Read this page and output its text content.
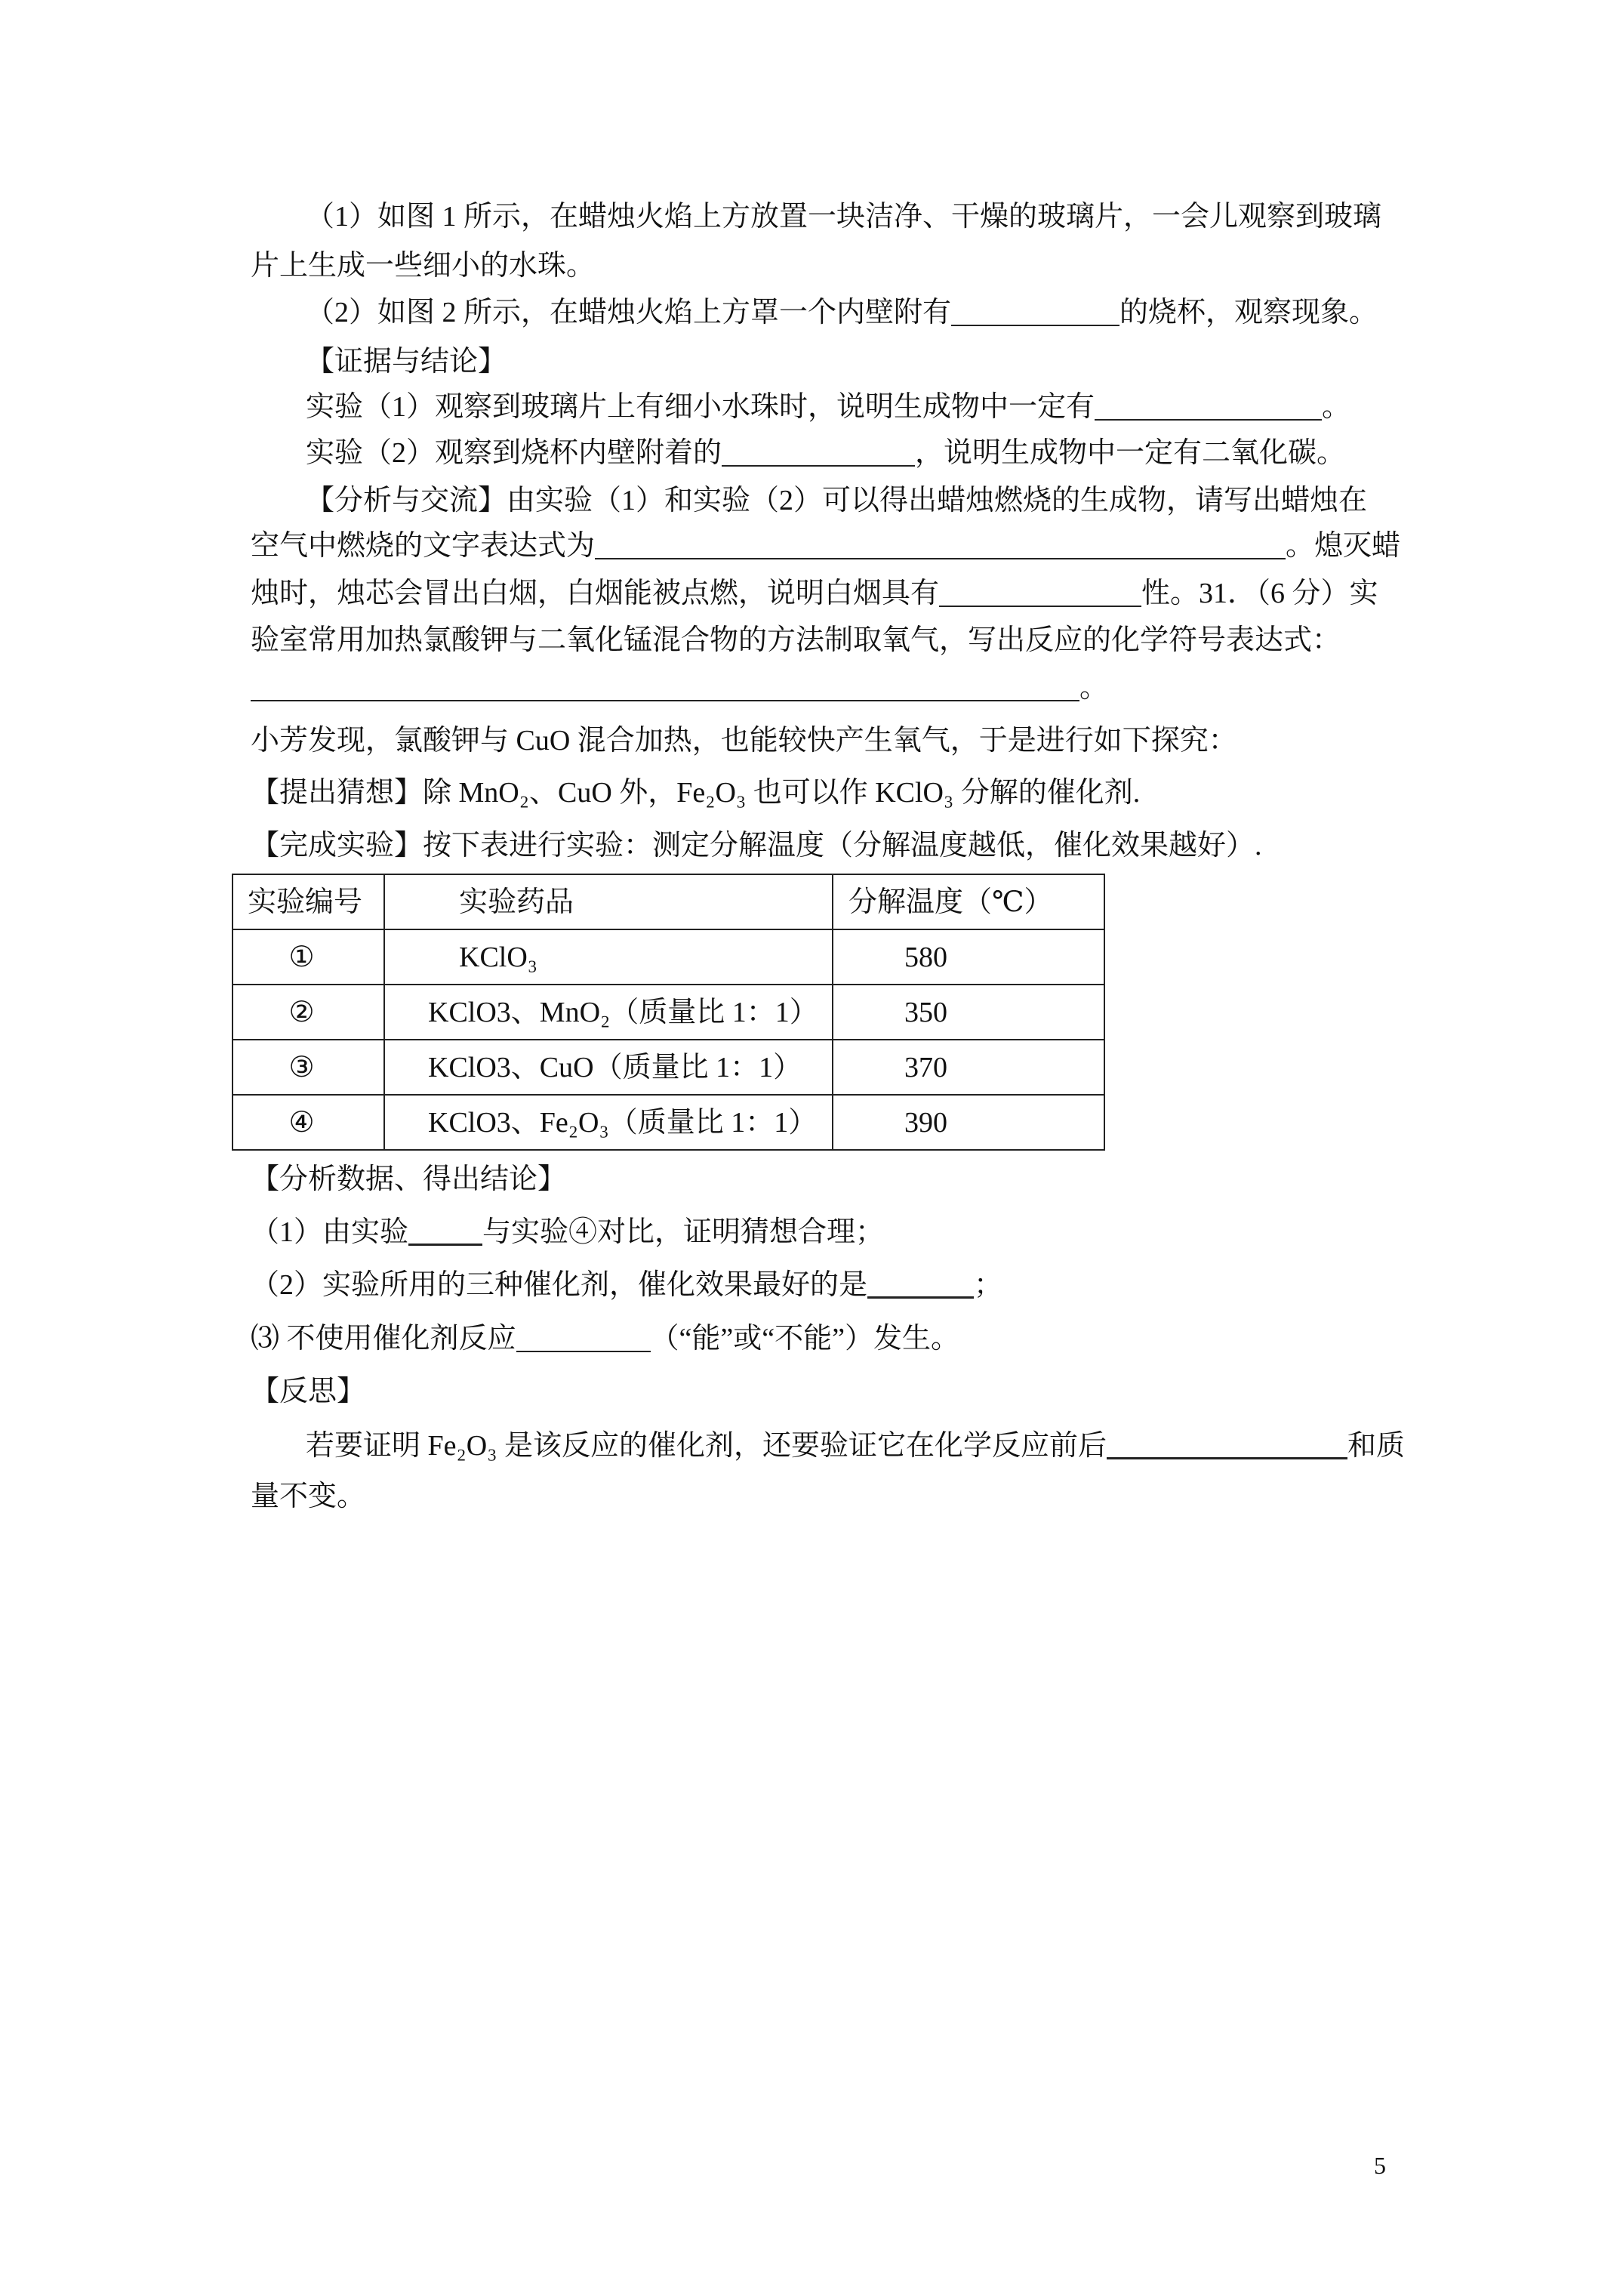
（1）如图 1 所示，在蜡烛火焰上方放置一块洁净、干燥的玻璃片，一会儿观察到玻璃
片上生成一些细小的水珠。
（2）如图 2 所示，在蜡烛火焰上方罩一个内壁附有	的烧杯，观察现象。
【证据与结论】
实验（1）观察到玻璃片上有细小水珠时，说明生成物中一定有	。
实验（2）观察到烧杯内壁附着的	，说明生成物中一定有二氧化碳。
【分析与交流】由实验（1）和实验（2）可以得出蜡烛燃烧的生成物，请写出蜡烛在
空气中燃烧的文字表达式为	。熄灭蜡
烛时，烛芯会冒出白烟，白烟能被点燃，说明白烟具有	性。31．（6 分）实
验室常用加热氯酸钾与二氧化锰混合物的方法制取氧气，写出反应的化学符号表达式：
。
小芳发现，氯酸钾与 CuO 混合加热，也能较快产生氧气，于是进行如下探究：
【提出猜想】除 MnO₂、CuO 外，Fe₂O₃ 也可以作 KClO₃ 分解的催化剂.
【完成实验】按下表进行实验：测定分解温度（分解温度越低，催化效果越好）.
实验编号	实验药品	分解温度（℃）
①	KClO₃	580
②	KClO3、MnO₂（质量比 1：1）	350
③	KClO3、CuO（质量比 1：1）	370
④	KClO3、Fe₂O₃（质量比 1：1）	390
【分析数据、得出结论】
（1）由实验	与实验④对比，证明猜想合理；
（2）实验所用的三种催化剂，催化效果最好的是	；
⑶ 不使用催化剂反应	（“能”或“不能”）发生。
【反思】
若要证明 Fe₂O₃ 是该反应的催化剂，还要验证它在化学反应前后	和质
量不变。
5
